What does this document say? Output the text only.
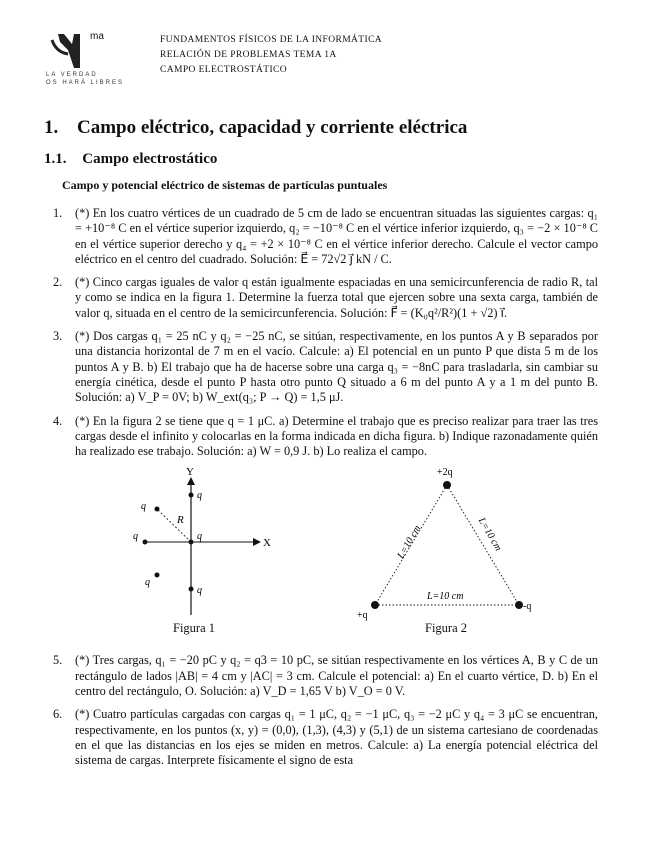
ma
LA VERDAD
OS HARÁ LIBRES
FUNDAMENTOS FÍSICOS DE LA INFORMÁTICA
RELACIÓN DE PROBLEMAS TEMA 1A
CAMPO ELECTROSTÁTICO
1. Campo eléctrico, capacidad y corriente eléctrica
1.1. Campo electrostático
Campo y potencial eléctrico de sistemas de partículas puntuales
1. (*) En los cuatro vértices de un cuadrado de 5 cm de lado se encuentran situadas las siguientes cargas: q₁ = +10⁻⁸ C en el vértice superior izquierdo, q₂ = −10⁻⁸ C en el vértice inferior izquierdo, q₃ = −2 × 10⁻⁸ C en el vértice superior derecho y q₄ = +2 × 10⁻⁸ C en el vértice inferior derecho. Calcule el vector campo eléctrico en el centro del cuadrado. Solución: E⃗ = 72√2 j⃗ kN / C.
2. (*) Cinco cargas iguales de valor q están igualmente espaciadas en una semicircunferencia de radio R, tal y como se indica en la figura 1. Determine la fuerza total que ejercen sobre una sexta carga, también de valor q, situada en el centro de la semicircunferencia. Solución: F⃗ = (K₀q²/R²)(1 + √2) i⃗.
3. (*) Dos cargas q₁ = 25 nC y q₂ = −25 nC, se sitúan, respectivamente, en los puntos A y B separados por una distancia horizontal de 7 m en el vacío. Calcule: a) El potencial en un punto P que dista 5 m de los puntos A y B. b) El trabajo que ha de hacerse sobre una carga q₃ = −8nC para trasladarla, sin cambiar su energía cinética, desde el punto P hasta otro punto Q situado a 6 m del punto A y a 1 m del punto B. Solución: a) V_P = 0V; b) W_ext(q₃; P → Q) = 1,5 μJ.
4. (*) En la figura 2 se tiene que q = 1 μC. a) Determine el trabajo que es preciso realizar para traer las tres cargas desde el infinito y colocarlas en la forma indicada en dicha figura. b) Indique razonadamente quién ha realizado ese trabajo. Solución: a) W = 0,9 J. b) Lo realiza el campo.
Y
X
R
q
q
q
q
q
q
Figura 1
+2q
+q
-q
L=10 cm	L=10 cm
L=10 cm
Figura 2
5. (*) Tres cargas, q₁ = −20 pC y q₂ = q3 = 10 pC, se sitúan respectivamente en los vértices A, B y C de un rectángulo de lados |AB| = 4 cm y |AC| = 3 cm. Calcule el potencial: a) En el cuarto vértice, D. b) En el centro del rectángulo, O. Solución: a) V_D = 1,65 V b) V_O = 0 V.
6. (*) Cuatro partículas cargadas con cargas q₁ = 1 μC, q₂ = −1 μC, q₃ = −2 μC y q₄ = 3 μC se encuentran, respectivamente, en los puntos (x, y) = (0,0), (1,3), (4,3) y (5,1) de un sistema cartesiano de coordenadas en el que las distancias en los ejes se miden en metros. Calcule: a) La energía potencial eléctrica del sistema de cargas. Interprete físicamente el signo de esta
